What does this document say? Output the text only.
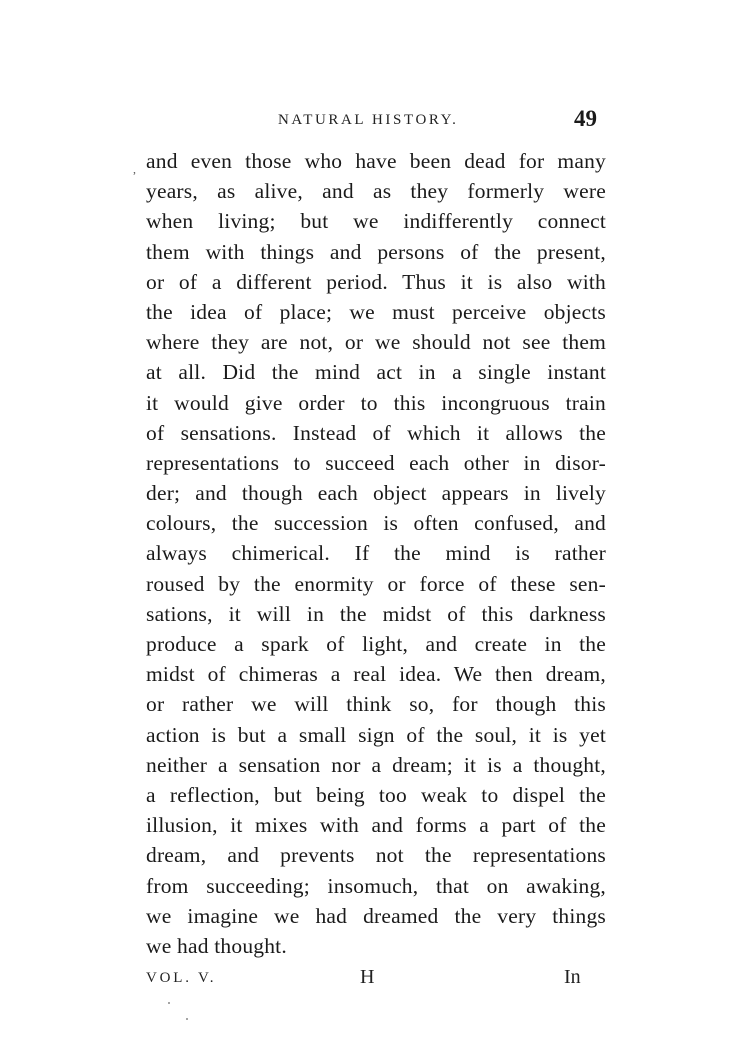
NATURAL HISTORY.	49
, and even those who have been dead for many
years, as alive, and as they formerly were
when living; but we indifferently connect
them with things and persons of the present,
or of a different period. Thus it is also with
the idea of place; we must perceive objects
where they are not, or we should not see them
at all. Did the mind act in a single instant
it would give order to this incongruous train
of sensations. Instead of which it allows the
representations to succeed each other in disor-
der; and though each object appears in lively
colours, the succession is often confused, and
always chimerical. If the mind is rather
roused by the enormity or force of these sen-
sations, it will in the midst of this darkness
produce a spark of light, and create in the
midst of chimeras a real idea. We then dream,
or rather we will think so, for though this
action is but a small sign of the soul, it is yet
neither a sensation nor a dream; it is a thought,
a reflection, but being too weak to dispel the
illusion, it mixes with and forms a part of the
dream, and prevents not the representations
from succeeding; insomuch, that on awaking,
we imagine we had dreamed the very things
we had thought.
VOL. V.	H	In
